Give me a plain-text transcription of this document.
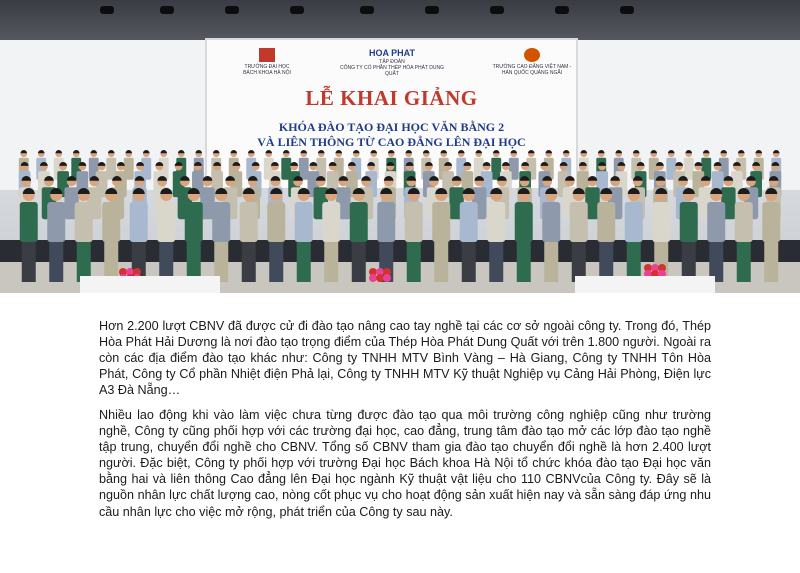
TRƯỜNG ĐẠI HỌC BÁCH KHOA HÀ NỘI
HOA PHAT
TẬP ĐOÀN
CÔNG TY CỔ PHẦN THÉP HÒA PHÁT DUNG QUẤT
TRƯỜNG CAO ĐẲNG VIỆT NAM - HÀN QUỐC QUẢNG NGÃI
LỄ KHAI GIẢNG
KHÓA ĐÀO TẠO ĐẠI HỌC VĂN BẰNG 2
VÀ LIÊN THÔNG TỪ CAO ĐẲNG LÊN ĐẠI HỌC
Hơn 2.200 lượt CBNV đã được cử đi đào tạo nâng cao tay nghề tại các cơ sở ngoài công ty. Trong đó, Thép Hòa Phát Hải Dương là nơi đào tạo trọng điểm của Thép Hòa Phát Dung Quất với trên 1.800 người. Ngoài ra còn các địa điểm đào tạo khác như: Công ty TNHH MTV Bình Vàng – Hà Giang, Công ty TNHH Tôn Hòa Phát, Công ty Cổ phần Nhiệt điện Phả lại, Công ty TNHH MTV Kỹ thuật Nghiệp vụ Cảng Hải Phòng, Điện lực A3 Đà Nẵng…
Nhiều lao động khi vào làm việc chưa từng được đào tạo qua môi trường công nghiệp cũng như trường nghề, Công ty cũng phối hợp với các trường đại học, cao đẳng, trung tâm đào tạo mở các lớp đào tạo nghề tập trung, chuyển đổi nghề cho CBNV. Tổng số CBNV tham gia đào tạo chuyển đổi nghề là hơn 2.400 lượt người. Đặc biệt, Công ty phối hợp với trường Đại học Bách khoa Hà Nội tổ chức khóa đào tạo Đại học văn bằng hai và liên thông Cao đẳng lên Đại học ngành Kỹ thuật vật liệu cho 110 CBNVcủa Công ty. Đây sẽ là nguồn nhân lực chất lượng cao, nòng cốt phục vụ cho hoạt động sản xuất hiện nay và sẵn sàng đáp ứng nhu cầu nhân lực cho việc mở rộng, phát triển của Công ty sau này.
